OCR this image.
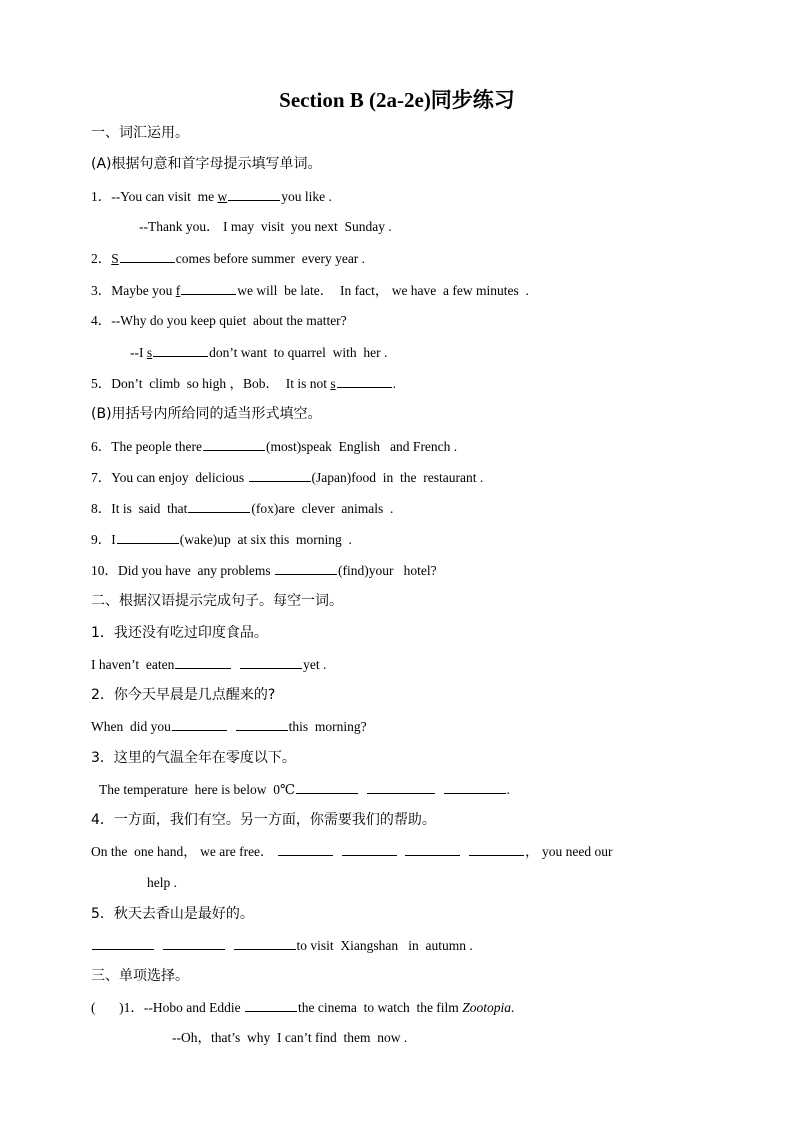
Section B (2a-2e)同步练习
一、词汇运用。
(A)根据句意和首字母提示填写单词。
1．--You can visit  me w	you like .
--Thank you． I may  visit  you next  Sunday .
2．S	comes before summer  every year .
3．Maybe you f	we will  be late．  In fact， we have  a few minutes  .
4．--Why do you keep quiet  about the matter?
--I s	don’t want  to quarrel  with  her .
5．Don’t  climb  so high ，Bob．  It is not s	.
(B)用括号内所给同的适当形式填空。
6．The people there	(most)speak  English   and French .
7．You can enjoy  delicious	(Japan)food  in  the  restaurant .
8．It is  said  that	(fox)are  clever  animals  .
9．I	(wake)up  at six this  morning  .
10．Did you have  any problems	(find)your   hotel?
二、根据汉语提示完成句子。每空一词。
1．我还没有吃过印度食品。
I haven’t  eaten	yet .
2．你今天早晨是几点醒来的?
When  did you	this  morning?
3．这里的气温全年在零度以下。
The temperature  here is below  0℃	.
4．一方面，我们有空。另一方面，你需要我们的帮助。
On the  one hand， we are free．	， you need our
help .
5．秋天去香山是最好的。
to visit  Xiangshan   in  autumn .
三、单项选择。
(       )1．--Hobo and Eddie	the cinema  to watch  the film Zootopia.
--Oh，that’s  why  I can’t find  them  now .
